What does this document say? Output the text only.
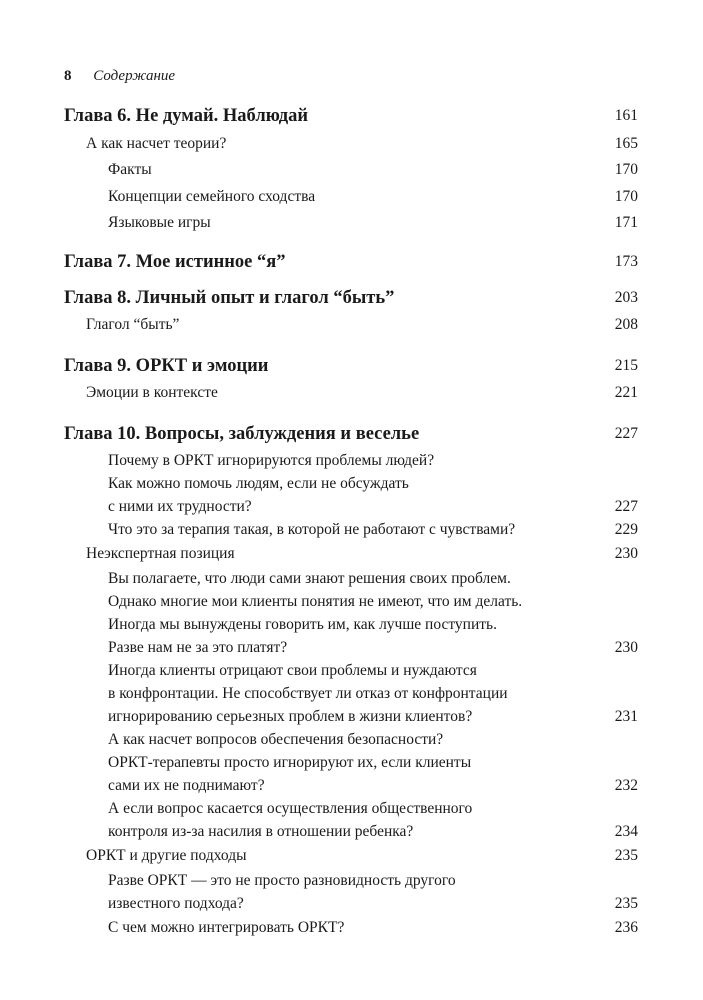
8 Содержание
Глава 6. Не думай. Наблюдай	161
А как насчет теории?	165
Факты	170
Концепции семейного сходства	170
Языковые игры	171
Глава 7. Мое истинное “я”	173
Глава 8. Личный опыт и глагол “быть”	203
Глагол “быть”	208
Глава 9. ОРКТ и эмоции	215
Эмоции в контексте	221
Глава 10. Вопросы, заблуждения и веселье	227
Почему в ОРКТ игнорируются проблемы людей?
Как можно помочь людям, если не обсуждать
с ними их трудности?	227
Что это за терапия такая, в которой не работают с чувствами?	229
Неэкспертная позиция	230
Вы полагаете, что люди сами знают решения своих проблем.
Однако многие мои клиенты понятия не имеют, что им делать.
Иногда мы вынуждены говорить им, как лучше поступить.
Разве нам не за это платят?	230
Иногда клиенты отрицают свои проблемы и нуждаются
в конфронтации. Не способствует ли отказ от конфронтации
игнорированию серьезных проблем в жизни клиентов?	231
А как насчет вопросов обеспечения безопасности?
ОРКТ-терапевты просто игнорируют их, если клиенты
сами их не поднимают?	232
А если вопрос касается осуществления общественного
контроля из-за насилия в отношении ребенка?	234
ОРКТ и другие подходы	235
Разве ОРКТ — это не просто разновидность другого
известного подхода?	235
С чем можно интегрировать ОРКТ?	236
